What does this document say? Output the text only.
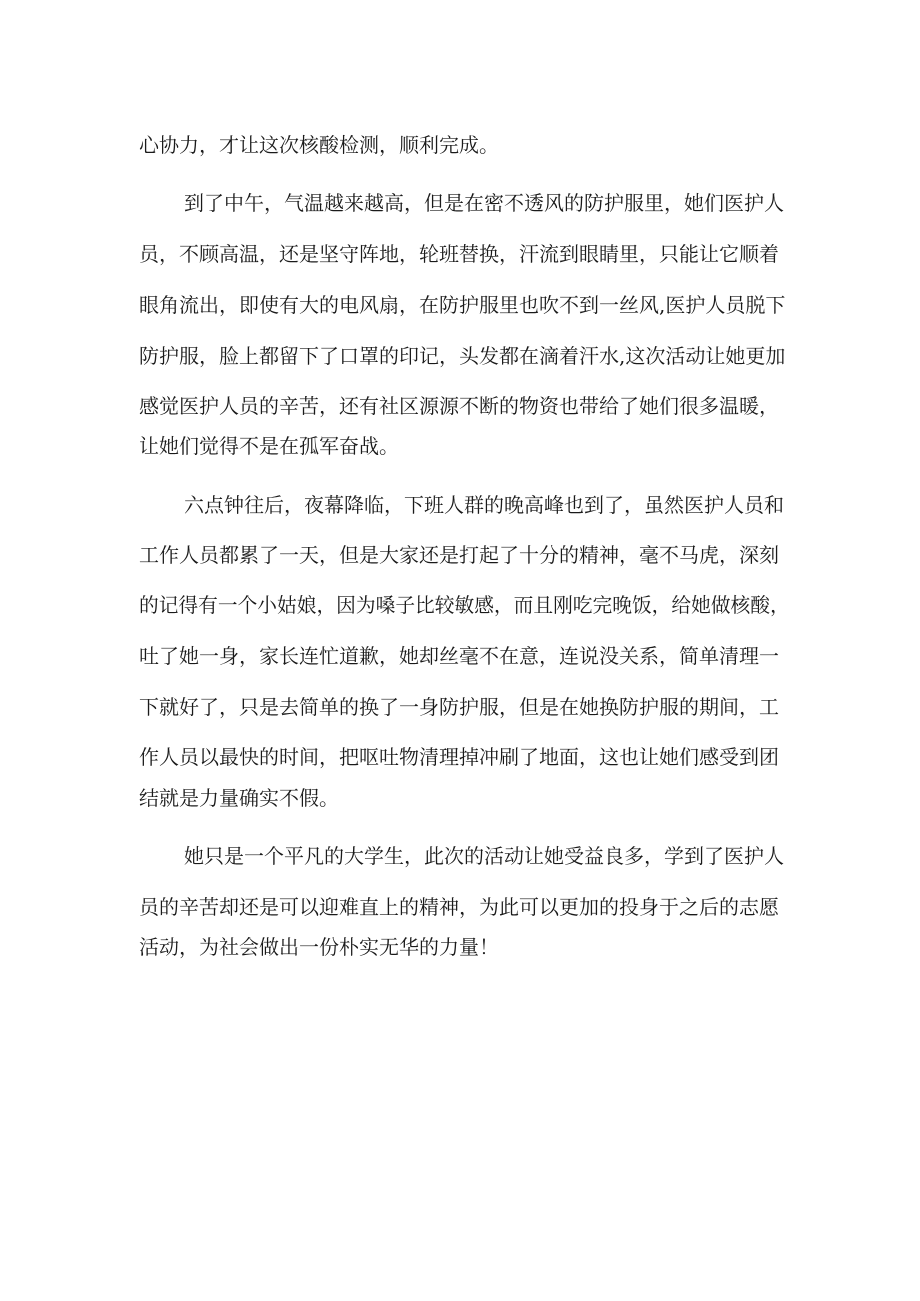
心协力，才让这次核酸检测，顺利完成。
到了中午，气温越来越高，但是在密不透风的防护服里，她们医护人
员，不顾高温，还是坚守阵地，轮班替换，汗流到眼睛里，只能让它顺着
眼角流出，即使有大的电风扇，在防护服里也吹不到一丝风,医护人员脱下
防护服，脸上都留下了口罩的印记，头发都在滴着汗水,这次活动让她更加
感觉医护人员的辛苦，还有社区源源不断的物资也带给了她们很多温暖，
让她们觉得不是在孤军奋战。
六点钟往后，夜幕降临，下班人群的晚高峰也到了，虽然医护人员和
工作人员都累了一天，但是大家还是打起了十分的精神，毫不马虎，深刻
的记得有一个小姑娘，因为嗓子比较敏感，而且刚吃完晚饭，给她做核酸，
吐了她一身，家长连忙道歉，她却丝毫不在意，连说没关系，简单清理一
下就好了，只是去简单的换了一身防护服，但是在她换防护服的期间，工
作人员以最快的时间，把呕吐物清理掉冲刷了地面，这也让她们感受到团
结就是力量确实不假。
她只是一个平凡的大学生，此次的活动让她受益良多，学到了医护人
员的辛苦却还是可以迎难直上的精神，为此可以更加的投身于之后的志愿
活动，为社会做出一份朴实无华的力量！
